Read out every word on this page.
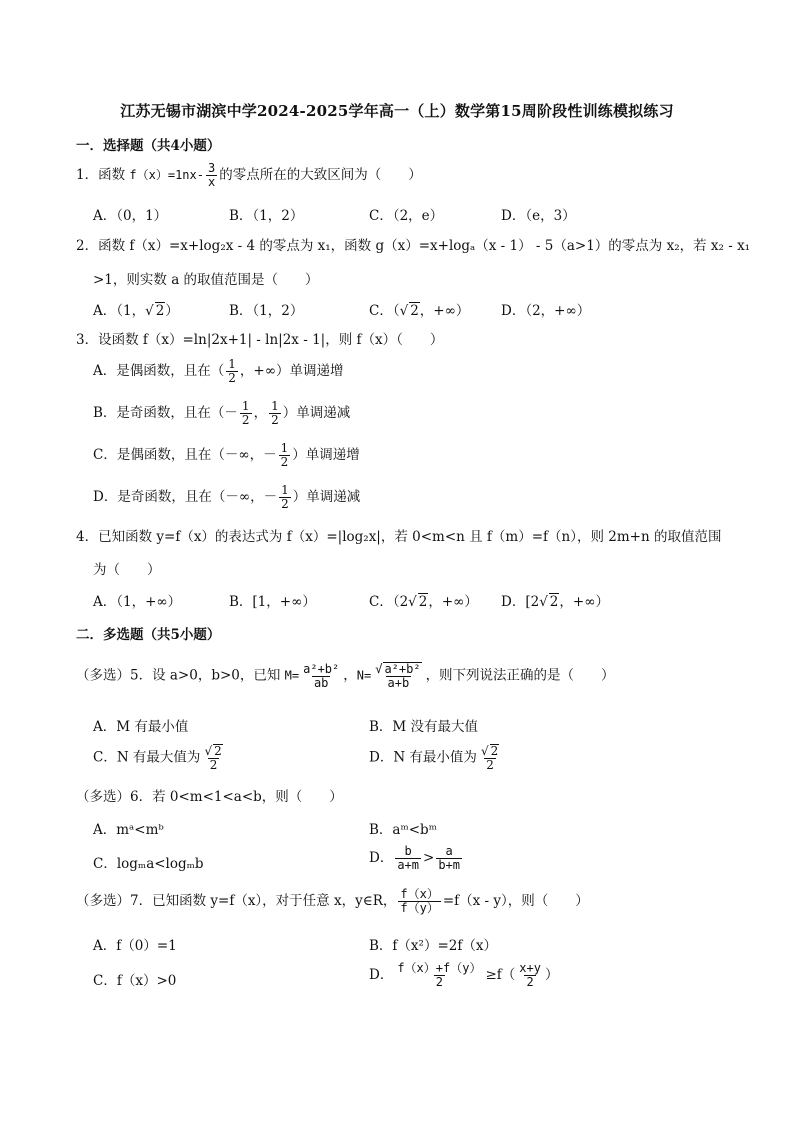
江苏无锡市湖滨中学2024-2025学年高一（上）数学第15周阶段性训练模拟练习
一．选择题（共4小题）
1．函数 $f(x)=1nx- \frac{3}{x}$ 的零点所在的大致区间为（　　）
A．（0，1）	B．（1，2）	C．（2，e）	D．（e，3）
2．函数 f（x）=x+log₂x - 4 的零点为 x₁，函数 g（x）=x+logₐ（x - 1） - 5（a>1）的零点为 x₂，若 x₂ - x₁
>1，则实数 a 的取值范围是（　　）
A．（1，√ 2）	B．（1，2）	C．（√ 2，+∞） D．（2，+∞）
3．设函数 f（x）=ln|2x+1| - ln|2x - 1|，则 f（x）（　　）
A．是偶函数，且在（ $\frac{1}{2}$ ，+∞）单调递增
B．是奇函数，且在（－ $\frac{1}{2}$ ， $\frac{1}{2}$ ）单调递减
C．是偶函数，且在（－∞，－ $\frac{1}{2}$ ）单调递增
D．是奇函数，且在（－∞，－ $\frac{1}{2}$ ）单调递减
4．已知函数 y=f（x）的表达式为 f（x）=|log₂x|，若 0<m<n 且 f（m）=f（n），则 2m+n 的取值范围
为（　　）
A．（1，+∞）	B．[1，+∞）	C．（2√ 2，+∞） D．[2√ 2，+∞）
二．多选题（共5小题）
（多选）5．设 a>0，b>0，已知 $M= \frac{\text{a²+b²}}{ab}$ ，$N= \frac{\text{√ a²+b²}}{a+b}$ ，则下列说法正确的是（　　）
A．M 有最小值	B．M 没有最大值
C．N 有最大值为 $\frac{√ 2}{2}$	D．N 有最小值为 $\frac{√ 2}{2}$
（多选）6．若 0<m<1<a<b，则（　　）
A．mᵃ<mᵇ	B．aᵐ<bᵐ
C．logₘa<logₘb	D． $\frac{b}{a+m} > \frac{a}{b+m}$
（多选）7．已知函数 y=f（x），对于任意 x，y∈R， $\frac{f(x)}{f(y)} =f(x - y)$，则（　　）
A．f（0）=1	B．f（x²）=2f（x）
C．f（x）>0	D． $\frac{f(x)+f(y)}{2} \ge f( \frac{x+y}{2}$ ）
